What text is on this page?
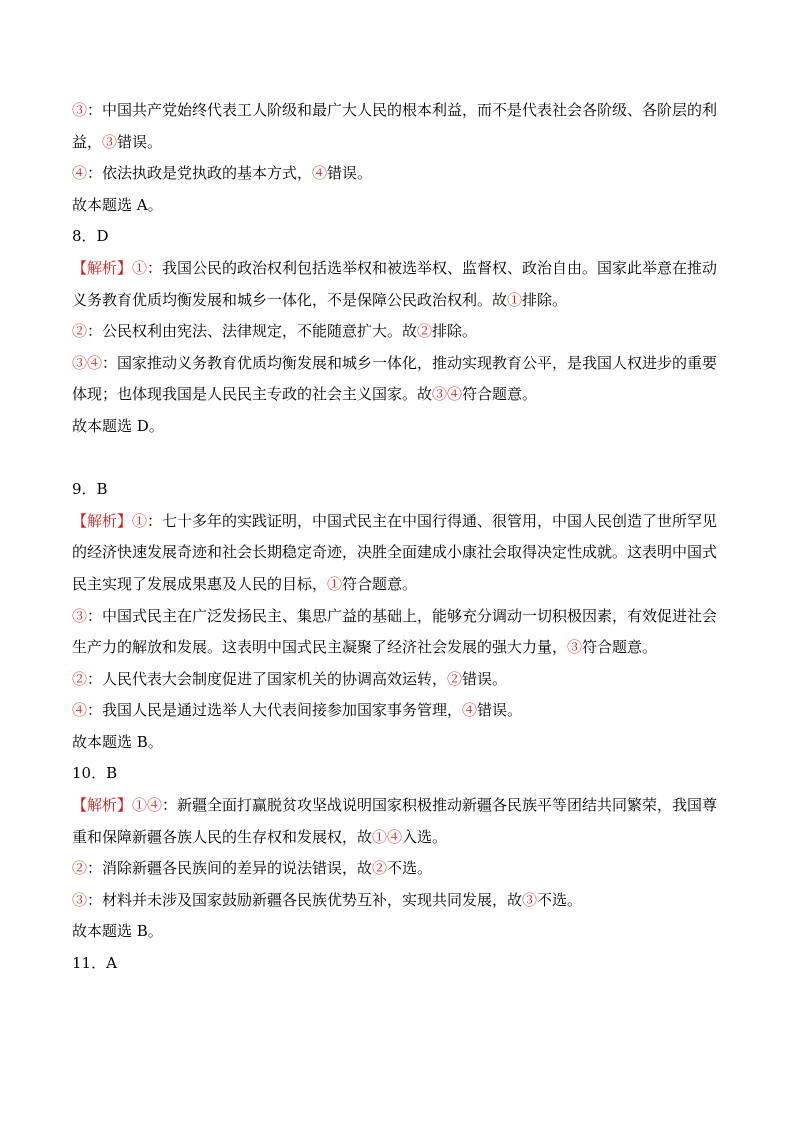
③：中国共产党始终代表工人阶级和最广大人民的根本利益，而不是代表社会各阶级、各阶层的利益，③错误。

④：依法执政是党执政的基本方式，④错误。

故本题选 A。

8．D

【解析】①：我国公民的政治权利包括选举权和被选举权、监督权、政治自由。国家此举意在推动义务教育优质均衡发展和城乡一体化，不是保障公民政治权利。故①排除。

②：公民权利由宪法、法律规定，不能随意扩大。故②排除。

③④：国家推动义务教育优质均衡发展和城乡一体化，推动实现教育公平，是我国人权进步的重要体现；也体现我国是人民民主专政的社会主义国家。故③④符合题意。

故本题选 D。

9．B

【解析】①：七十多年的实践证明，中国式民主在中国行得通、很管用，中国人民创造了世所罕见的经济快速发展奇迹和社会长期稳定奇迹，决胜全面建成小康社会取得决定性成就。这表明中国式民主实现了发展成果惠及人民的目标，①符合题意。

③：中国式民主在广泛发扬民主、集思广益的基础上，能够充分调动一切积极因素，有效促进社会生产力的解放和发展。这表明中国式民主凝聚了经济社会发展的强大力量，③符合题意。

②：人民代表大会制度促进了国家机关的协调高效运转，②错误。

④：我国人民是通过选举人大代表间接参加国家事务管理，④错误。

故本题选 B。

10．B

【解析】①④：新疆全面打赢脱贫攻坚战说明国家积极推动新疆各民族平等团结共同繁荣，我国尊重和保障新疆各族人民的生存权和发展权，故①④入选。

②：消除新疆各民族间的差异的说法错误，故②不选。

③：材料并未涉及国家鼓励新疆各民族优势互补，实现共同发展，故③不选。

故本题选 B。

11．A
